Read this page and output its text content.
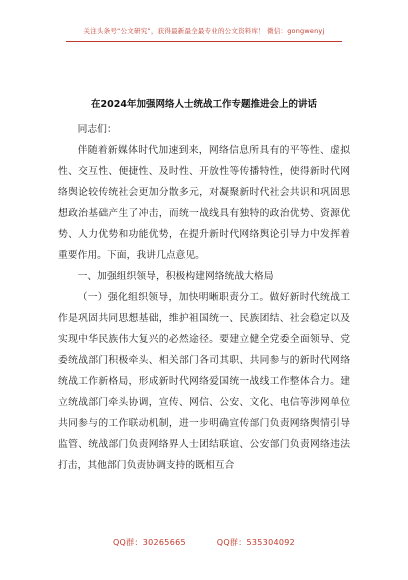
关注头条号“公文研究”，获得最新最全最专业的公文资料库！ 微信：gongwenyj
在2024年加强网络人士统战工作专题推进会上的讲话

同志们：

伴随着新媒体时代加速到来，网络信息所具有的平等性、虚拟性、交互性、便捷性、及时性、开放性等传播特性，使得新时代网络舆论较传统社会更加分散多元，对凝聚新时代社会共识和巩固思想政治基础产生了冲击，而统一战线具有独特的政治优势、资源优势、人力优势和功能优势，在提升新时代网络舆论引导力中发挥着重要作用。下面，我讲几点意见。

一、加强组织领导，积极构建网络统战大格局

（一）强化组织领导，加快明晰职责分工。做好新时代统战工作是巩固共同思想基础，维护祖国统一、民族团结、社会稳定以及实现中华民族伟大复兴的必然途径。要建立健全党委全面领导、党委统战部门积极牵头、相关部门各司其职、共同参与的新时代网络统战工作新格局，形成新时代网络爱国统一战线工作整体合力。建立统战部门牵头协调，宣传、网信、公安、文化、电信等涉网单位共同参与的工作联动机制，进一步明确宣传部门负责网络舆情引导监管、统战部门负责网络界人士团结联谊、公安部门负责网络违法打击，其他部门负责协调支持的既相互合

QQ群：30265665	QQ群：535304092
